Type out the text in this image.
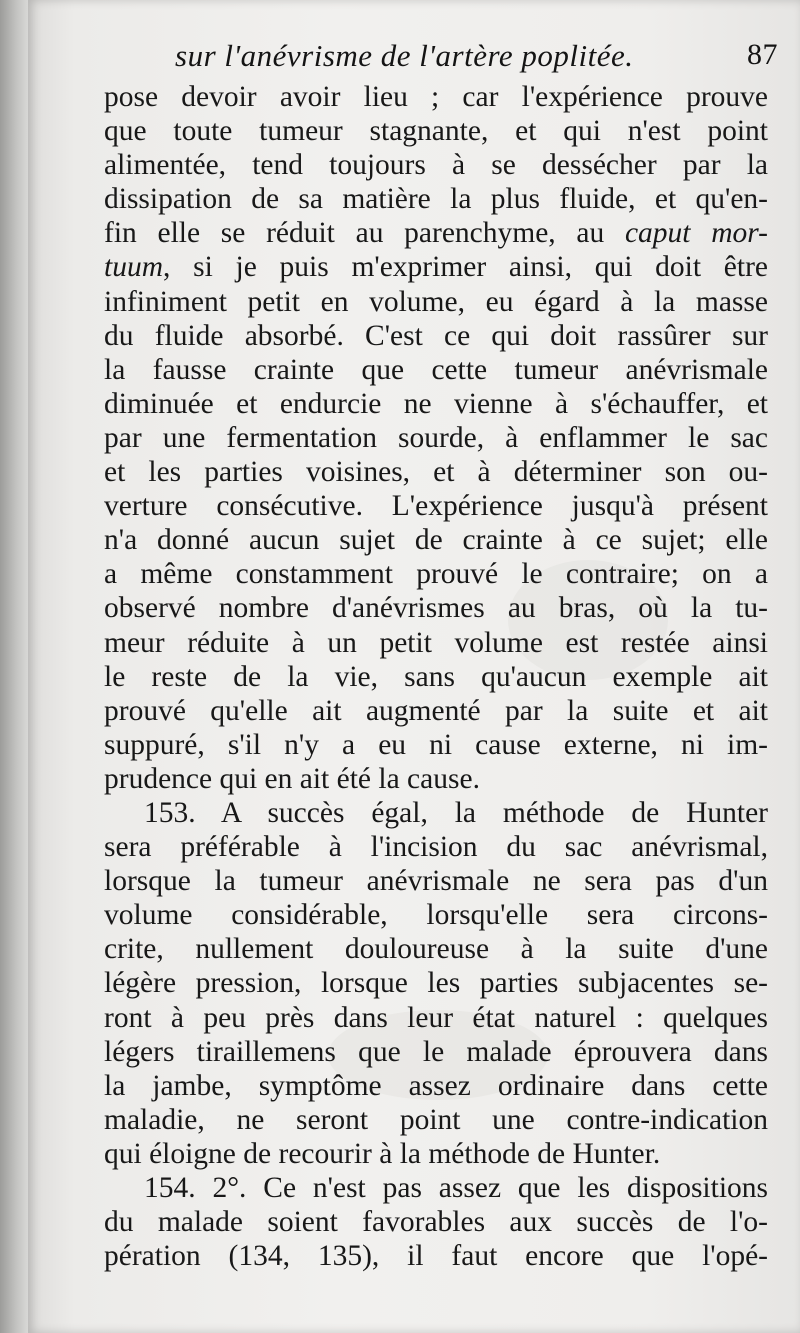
sur l'anévrisme de l'artère poplitée.	87
pose devoir avoir lieu ; car l'expérience prouve
que toute tumeur stagnante, et qui n'est point
alimentée, tend toujours à se dessécher par la
dissipation de sa matière la plus fluide, et qu'en-
fin elle se réduit au parenchyme, au caput mor-
tuum, si je puis m'exprimer ainsi, qui doit être
infiniment petit en volume, eu égard à la masse
du fluide absorbé. C'est ce qui doit rassûrer sur
la fausse crainte que cette tumeur anévrismale
diminuée et endurcie ne vienne à s'échauffer, et
par une fermentation sourde, à enflammer le sac
et les parties voisines, et à déterminer son ou-
verture consécutive. L'expérience jusqu'à présent
n'a donné aucun sujet de crainte à ce sujet; elle
a même constamment prouvé le contraire; on a
observé nombre d'anévrismes au bras, où la tu-
meur réduite à un petit volume est restée ainsi
le reste de la vie, sans qu'aucun exemple ait
prouvé qu'elle ait augmenté par la suite et ait
suppuré, s'il n'y a eu ni cause externe, ni im-
prudence qui en ait été la cause.
153. A succès égal, la méthode de Hunter
sera préférable à l'incision du sac anévrismal,
lorsque la tumeur anévrismale ne sera pas d'un
volume considérable, lorsqu'elle sera circons-
crite, nullement douloureuse à la suite d'une
légère pression, lorsque les parties subjacentes se-
ront à peu près dans leur état naturel : quelques
légers tiraillemens que le malade éprouvera dans
la jambe, symptôme assez ordinaire dans cette
maladie, ne seront point une contre-indication
qui éloigne de recourir à la méthode de Hunter.
154. 2°. Ce n'est pas assez que les dispositions
du malade soient favorables aux succès de l'o-
pération (134, 135), il faut encore que l'opé-
